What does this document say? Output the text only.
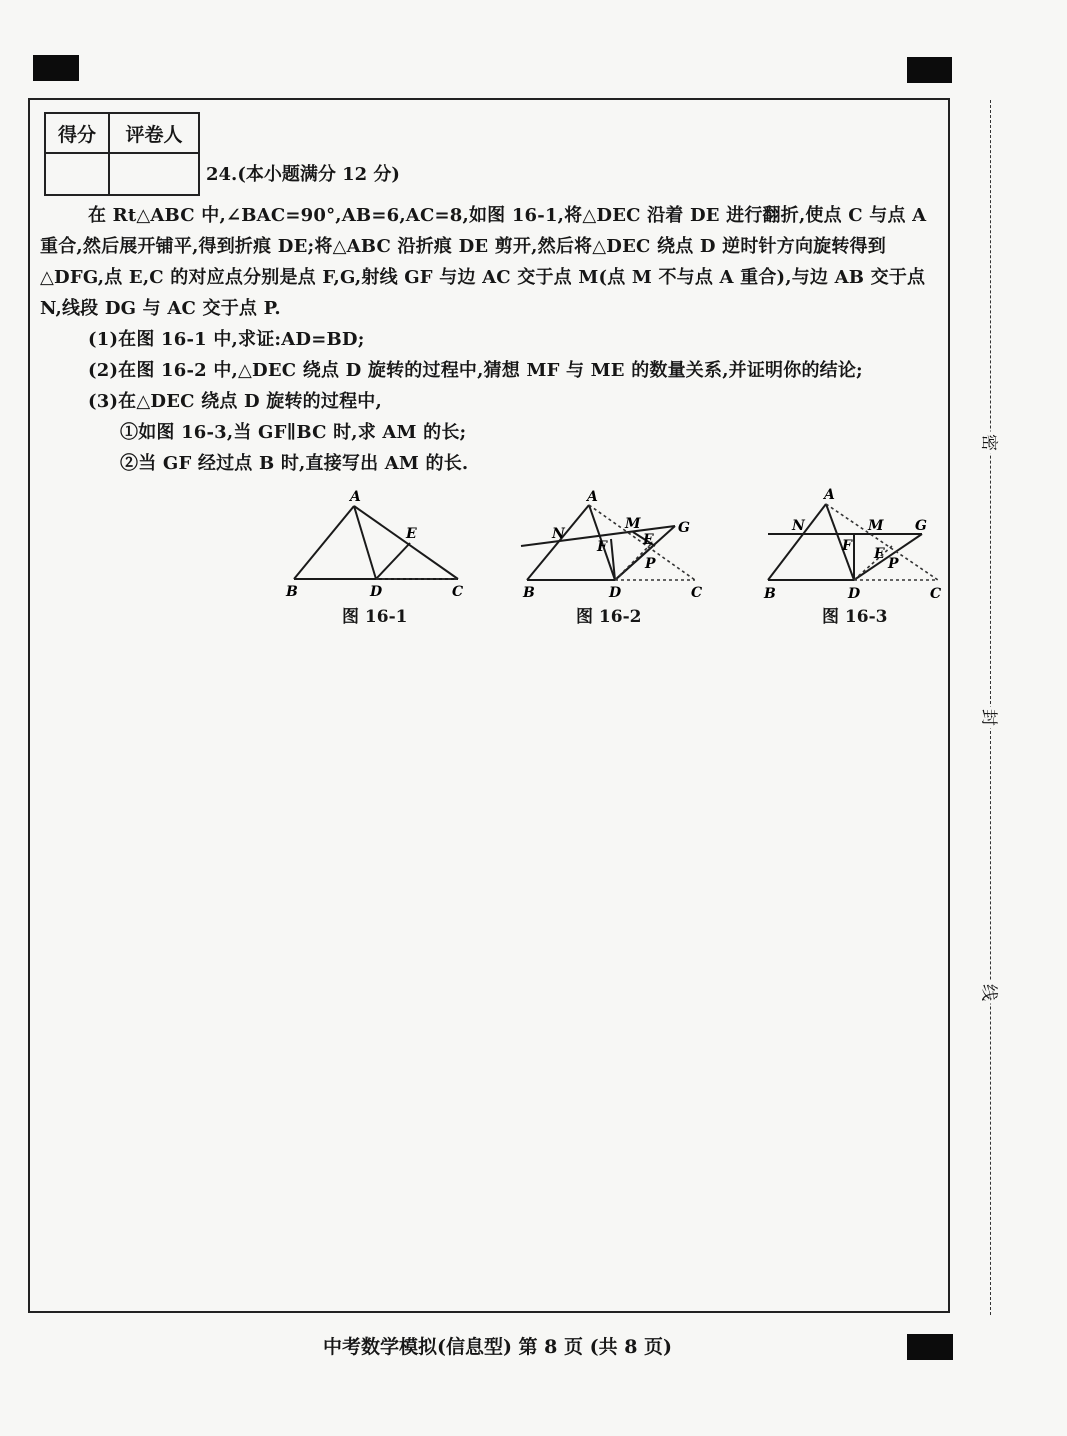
得分	评卷人

24.(本小题满分 12 分)

在 Rt△ABC 中,∠BAC=90°,AB=6,AC=8,如图 16-1,将△DEC 沿着 DE 进行翻折,使点 C 与点 A 重合,然后展开铺平,得到折痕 DE;将△ABC 沿折痕 DE 剪开,然后将△DEC 绕点 D 逆时针方向旋转得到△DFG,点 E,C 的对应点分别是点 F,G,射线 GF 与边 AC 交于点 M(点 M 不与点 A 重合),与边 AB 交于点 N,线段 DG 与 AC 交于点 P.

(1)在图 16-1 中,求证:AD=BD;

(2)在图 16-2 中,△DEC 绕点 D 旋转的过程中,猜想 MF 与 ME 的数量关系,并证明你的结论;

(3)在△DEC 绕点 D 旋转的过程中,

①如图 16-3,当 GF∥BC 时,求 AM 的长;

②当 GF 经过点 B 时,直接写出 AM 的长.

A
B	C
D
E
图 16-1
A
B	C
D
E
F
G
M
N
P
图 16-2
A
B	C
D
E
F
G
M
N
P
图 16-3
密
封
线
中考数学模拟(信息型) 第 8 页 (共 8 页)
